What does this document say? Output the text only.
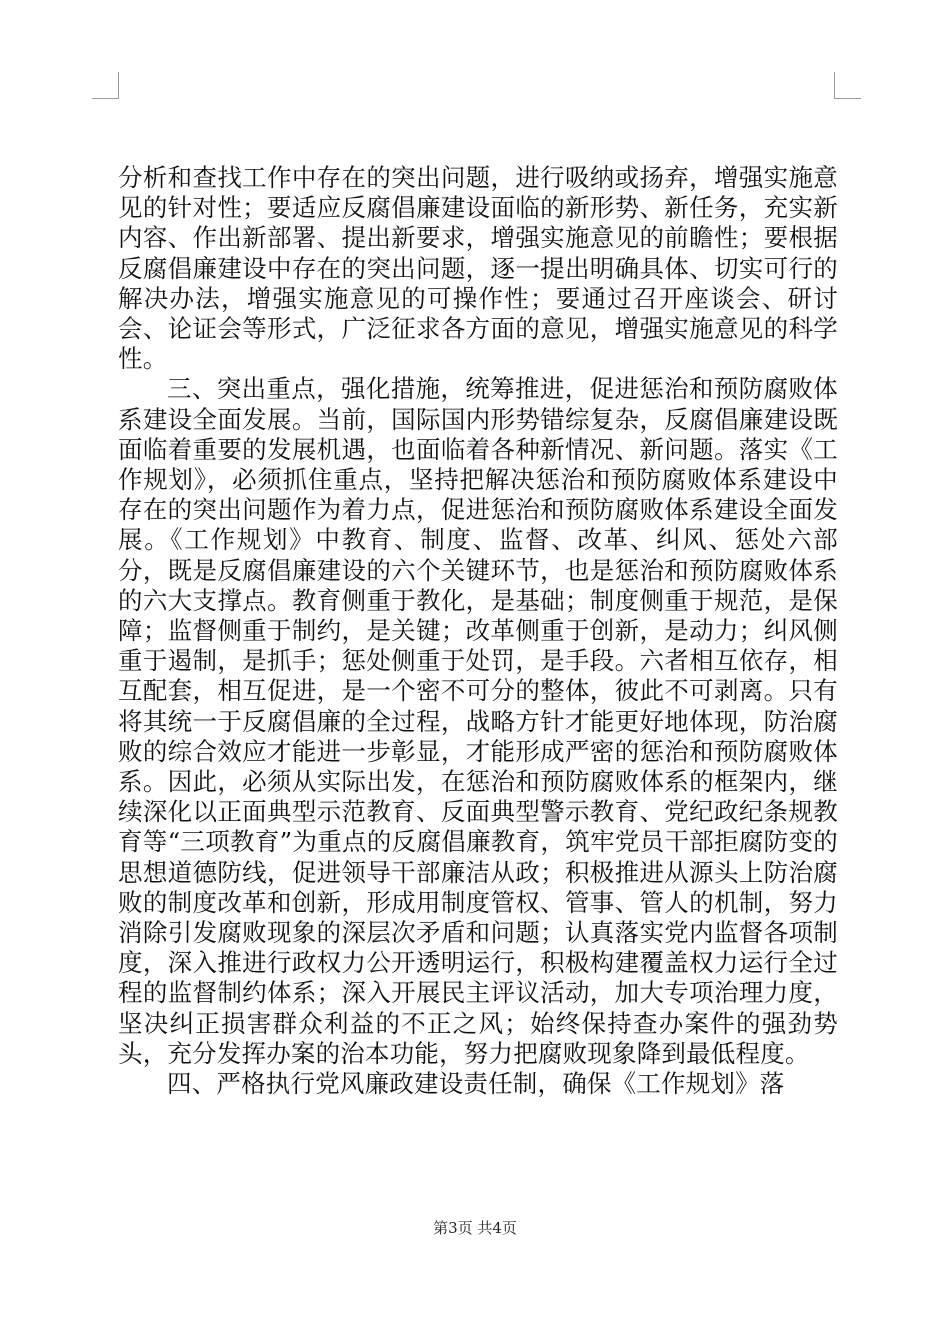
分析和查找工作中存在的突出问题，进行吸纳或扬弃，增强实施意见的针对性；要适应反腐倡廉建设面临的新形势、新任务，充实新内容、作出新部署、提出新要求，增强实施意见的前瞻性；要根据反腐倡廉建设中存在的突出问题，逐一提出明确具体、切实可行的解决办法，增强实施意见的可操作性；要通过召开座谈会、研讨会、论证会等形式，广泛征求各方面的意见，增强实施意见的科学性。

三、突出重点，强化措施，统筹推进，促进惩治和预防腐败体系建设全面发展。当前，国际国内形势错综复杂，反腐倡廉建设既面临着重要的发展机遇，也面临着各种新情况、新问题。落实《工作规划》，必须抓住重点，坚持把解决惩治和预防腐败体系建设中存在的突出问题作为着力点，促进惩治和预防腐败体系建设全面发展。《工作规划》中教育、制度、监督、改革、纠风、惩处六部分，既是反腐倡廉建设的六个关键环节，也是惩治和预防腐败体系的六大支撑点。教育侧重于教化，是基础；制度侧重于规范，是保障；监督侧重于制约，是关键；改革侧重于创新，是动力；纠风侧重于遏制，是抓手；惩处侧重于处罚，是手段。六者相互依存，相互配套，相互促进，是一个密不可分的整体，彼此不可剥离。只有将其统一于反腐倡廉的全过程，战略方针才能更好地体现，防治腐败的综合效应才能进一步彰显，才能形成严密的惩治和预防腐败体系。因此，必须从实际出发，在惩治和预防腐败体系的框架内，继续深化以正面典型示范教育、反面典型警示教育、党纪政纪条规教育等“三项教育”为重点的反腐倡廉教育，筑牢党员干部拒腐防变的思想道德防线，促进领导干部廉洁从政；积极推进从源头上防治腐败的制度改革和创新，形成用制度管权、管事、管人的机制，努力消除引发腐败现象的深层次矛盾和问题；认真落实党内监督各项制度，深入推进行政权力公开透明运行，积极构建覆盖权力运行全过程的监督制约体系；深入开展民主评议活动，加大专项治理力度，坚决纠正损害群众利益的不正之风；始终保持查办案件的强劲势头，充分发挥办案的治本功能，努力把腐败现象降到最低程度。

四、严格执行党风廉政建设责任制，确保《工作规划》落

第3页 共4页
